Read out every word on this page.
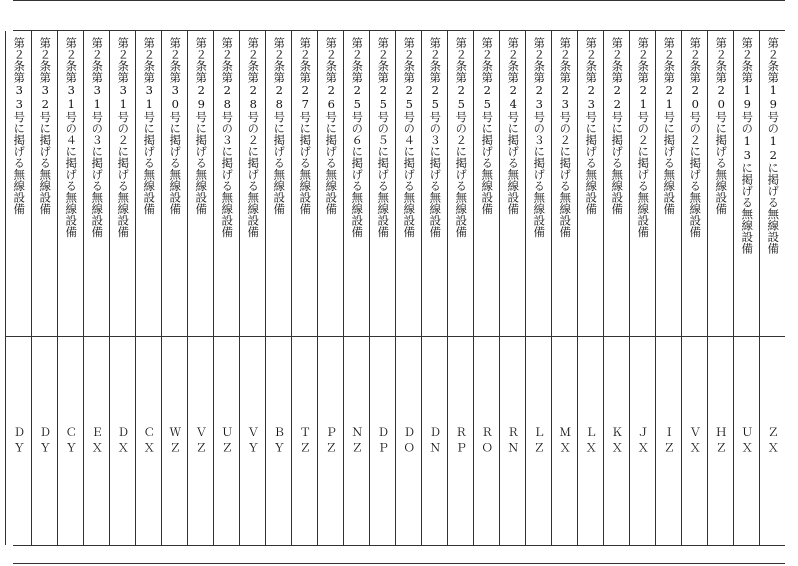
第２条第19号の12に掲げる無線設備
ＺＸ
第２条第19号の13に掲げる無線設備
ＵＸ
第２条第20号に掲げる無線設備
ＨＺ
第２条第20号の２に掲げる無線設備
ＶＸ
第２条第21号に掲げる無線設備
ＩＺ
第２条第21号の２に掲げる無線設備
ＪＸ
第２条第22号に掲げる無線設備
ＫＸ
第２条第23号に掲げる無線設備
ＬＸ
第２条第23号の２に掲げる無線設備
ＭＸ
第２条第23号の３に掲げる無線設備
ＬＺ
第２条第24号に掲げる無線設備
ＲＮ
第２条第25号に掲げる無線設備
ＲＯ
第２条第25号の２に掲げる無線設備
ＲＰ
第２条第25号の３に掲げる無線設備
ＤＮ
第２条第25号の４に掲げる無線設備
ＤＯ
第２条第25号の５に掲げる無線設備
ＤＰ
第２条第25号の６に掲げる無線設備
ＮＺ
第２条第26号に掲げる無線設備
ＰＺ
第２条第27号に掲げる無線設備
ＴＺ
第２条第28号に掲げる無線設備
ＢＹ
第２条第28号の２に掲げる無線設備
ＶＹ
第２条第28号の３に掲げる無線設備
ＵＺ
第２条第29号に掲げる無線設備
ＶＺ
第２条第30号に掲げる無線設備
ＷＺ
第２条第31号に掲げる無線設備
ＣＸ
第２条第31号の２に掲げる無線設備
ＤＸ
第２条第31号の３に掲げる無線設備
ＥＸ
第２条第31号の４に掲げる無線設備
ＣＹ
第２条第32号に掲げる無線設備
ＤＹ
第２条第33号に掲げる無線設備
ＤＹ
